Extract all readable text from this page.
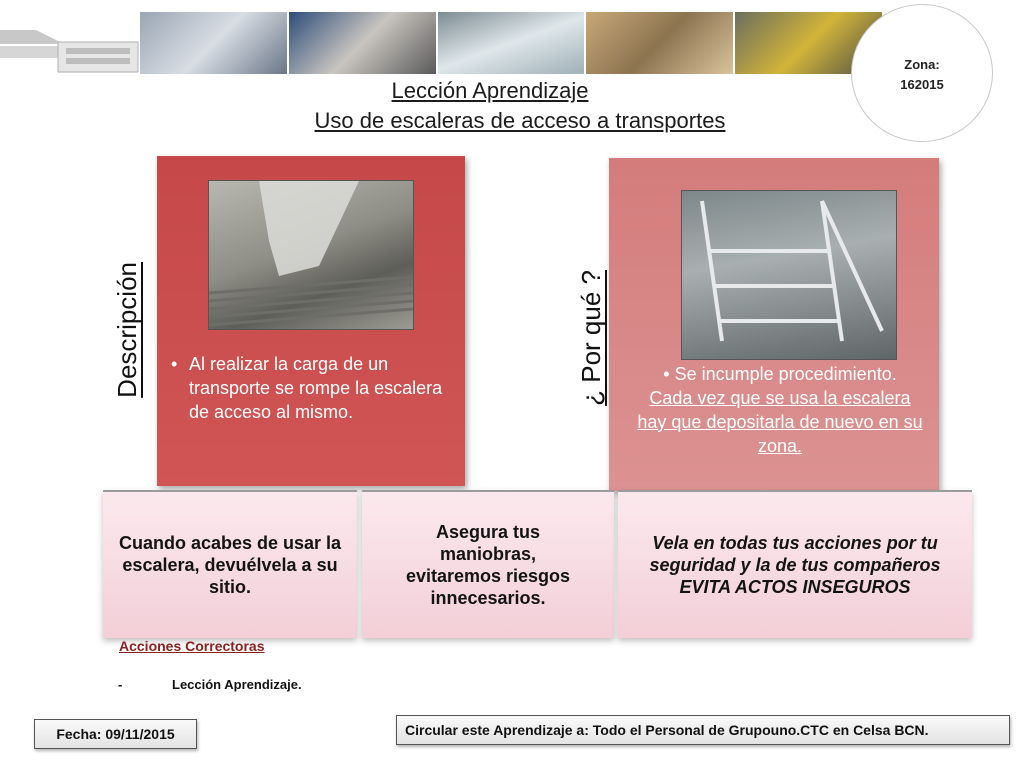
Zona:
162015
Lección Aprendizaje
Uso de escaleras de acceso a transportes
Descripción	¿ Por qué ?
• Al realizar la carga de un transporte se rompe la escalera de acceso al mismo.
• Se incumple procedimiento.
Cada vez que se usa la escalera hay que depositarla de nuevo en su zona.
Cuando acabes de usar la escalera, devuélvela a su sitio.
Asegura tus maniobras, evitaremos riesgos innecesarios.
Vela en todas tus acciones por tu seguridad y la de tus compañeros
EVITA ACTOS INSEGUROS
Acciones Correctoras
-	Lección Aprendizaje.
Fecha: 09/11/2015	Circular este Aprendizaje a: Todo el Personal de Grupouno.CTC en Celsa BCN.
